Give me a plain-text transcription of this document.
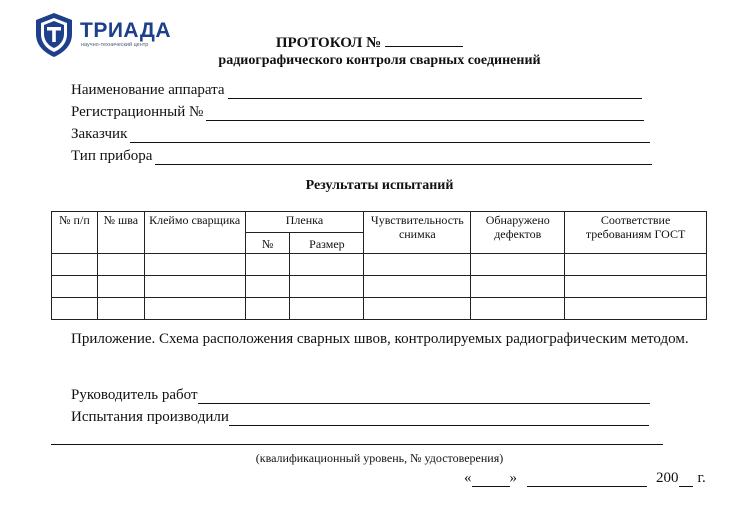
ТРИАДА
научно-технический центр	ПРОТОКОЛ №
радиографического контроля сварных соединений
Наименование аппарата
Регистрационный №
Заказчик
Тип прибора
Результаты испытаний
№ п/п	№ шва	Клеймо сварщика	Пленка		Чувствительность снимка	Обнаружено дефектов	Соответствие требованиям ГОСТ
			№	Размер			

Приложение. Схема расположения сварных швов, контролируемых радиографическим методом.
Руководитель работ
Испытания производили
(квалификационный уровень, № удостоверения)
«	»	200 г.
